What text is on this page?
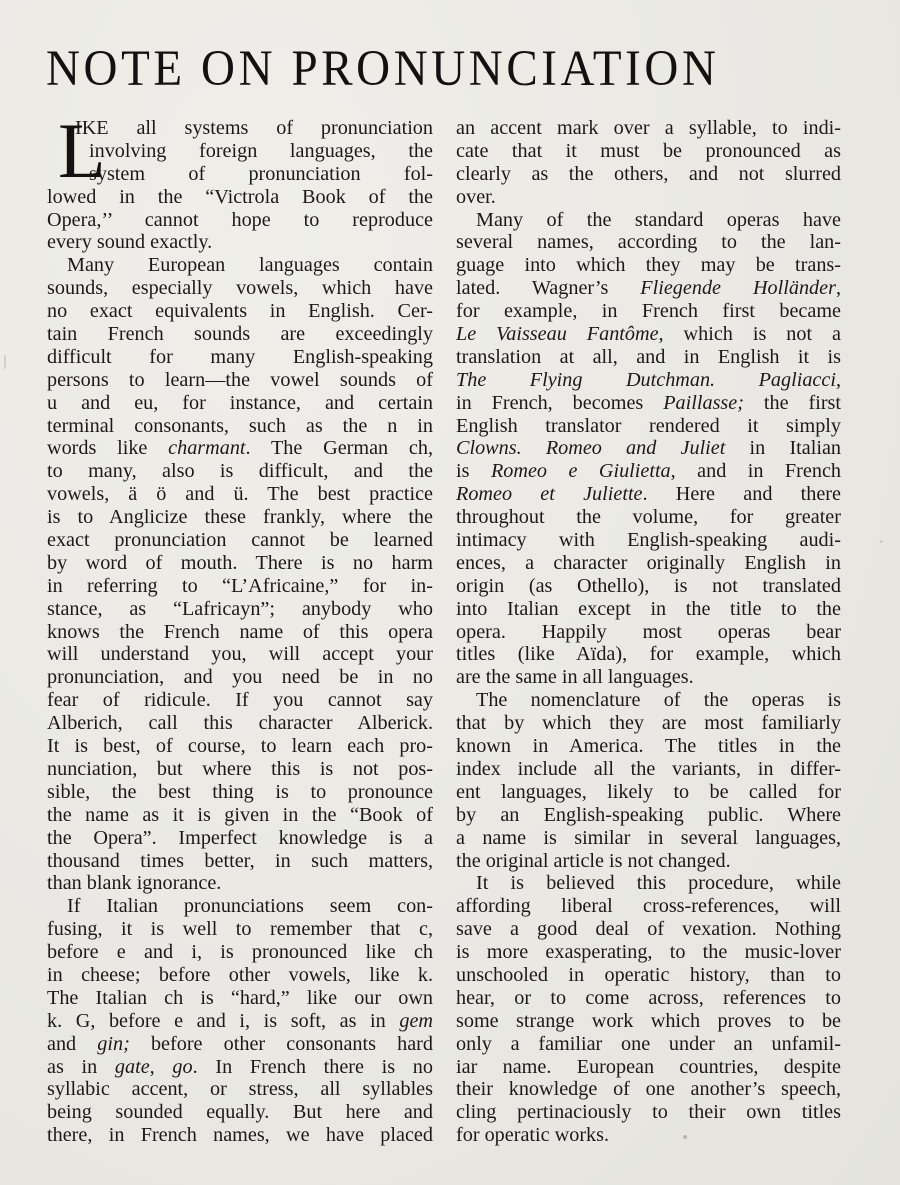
NOTE ON PRONUNCIATION
L
IKE all systems of pronunciation
involving foreign languages, the
system of pronunciation fol-
lowed in the “Victrola Book of the
Opera,’’ cannot hope to reproduce
every sound exactly.
Many European languages contain
sounds, especially vowels, which have
no exact equivalents in English. Cer-
tain French sounds are exceedingly
difficult for many English-speaking
persons to learn—the vowel sounds of
u and eu, for instance, and certain
terminal consonants, such as the n in
words like charmant. The German ch,
to many, also is difficult, and the
vowels, ä ö and ü. The best practice
is to Anglicize these frankly, where the
exact pronunciation cannot be learned
by word of mouth. There is no harm
in referring to “L’Africaine,” for in-
stance, as “Lafricayn”; anybody who
knows the French name of this opera
will understand you, will accept your
pronunciation, and you need be in no
fear of ridicule. If you cannot say
Alberich, call this character Alberick.
It is best, of course, to learn each pro-
nunciation, but where this is not pos-
sible, the best thing is to pronounce
the name as it is given in the “Book of
the Opera”. Imperfect knowledge is a
thousand times better, in such matters,
than blank ignorance.
If Italian pronunciations seem con-
fusing, it is well to remember that c,
before e and i, is pronounced like ch
in cheese; before other vowels, like k.
The Italian ch is “hard,” like our own
k. G, before e and i, is soft, as in gem
and gin; before other consonants hard
as in gate, go. In French there is no
syllabic accent, or stress, all syllables
being sounded equally. But here and
there, in French names, we have placed
an accent mark over a syllable, to indi-
cate that it must be pronounced as
clearly as the others, and not slurred
over.
Many of the standard operas have
several names, according to the lan-
guage into which they may be trans-
lated. Wagner’s Fliegende Holländer,
for example, in French first became
Le Vaisseau Fantôme, which is not a
translation at all, and in English it is
The Flying Dutchman. Pagliacci,
in French, becomes Paillasse; the first
English translator rendered it simply
Clowns. Romeo and Juliet in Italian
is Romeo e Giulietta, and in French
Romeo et Juliette. Here and there
throughout the volume, for greater
intimacy with English-speaking audi-
ences, a character originally English in
origin (as Othello), is not translated
into Italian except in the title to the
opera. Happily most operas bear
titles (like Aïda), for example, which
are the same in all languages.
The nomenclature of the operas is
that by which they are most familiarly
known in America. The titles in the
index include all the variants, in differ-
ent languages, likely to be called for
by an English-speaking public. Where
a name is similar in several languages,
the original article is not changed.
It is believed this procedure, while
affording liberal cross-references, will
save a good deal of vexation. Nothing
is more exasperating, to the music-lover
unschooled in operatic history, than to
hear, or to come across, references to
some strange work which proves to be
only a familiar one under an unfamil-
iar name. European countries, despite
their knowledge of one another’s speech,
cling pertinaciously to their own titles
for operatic works.
